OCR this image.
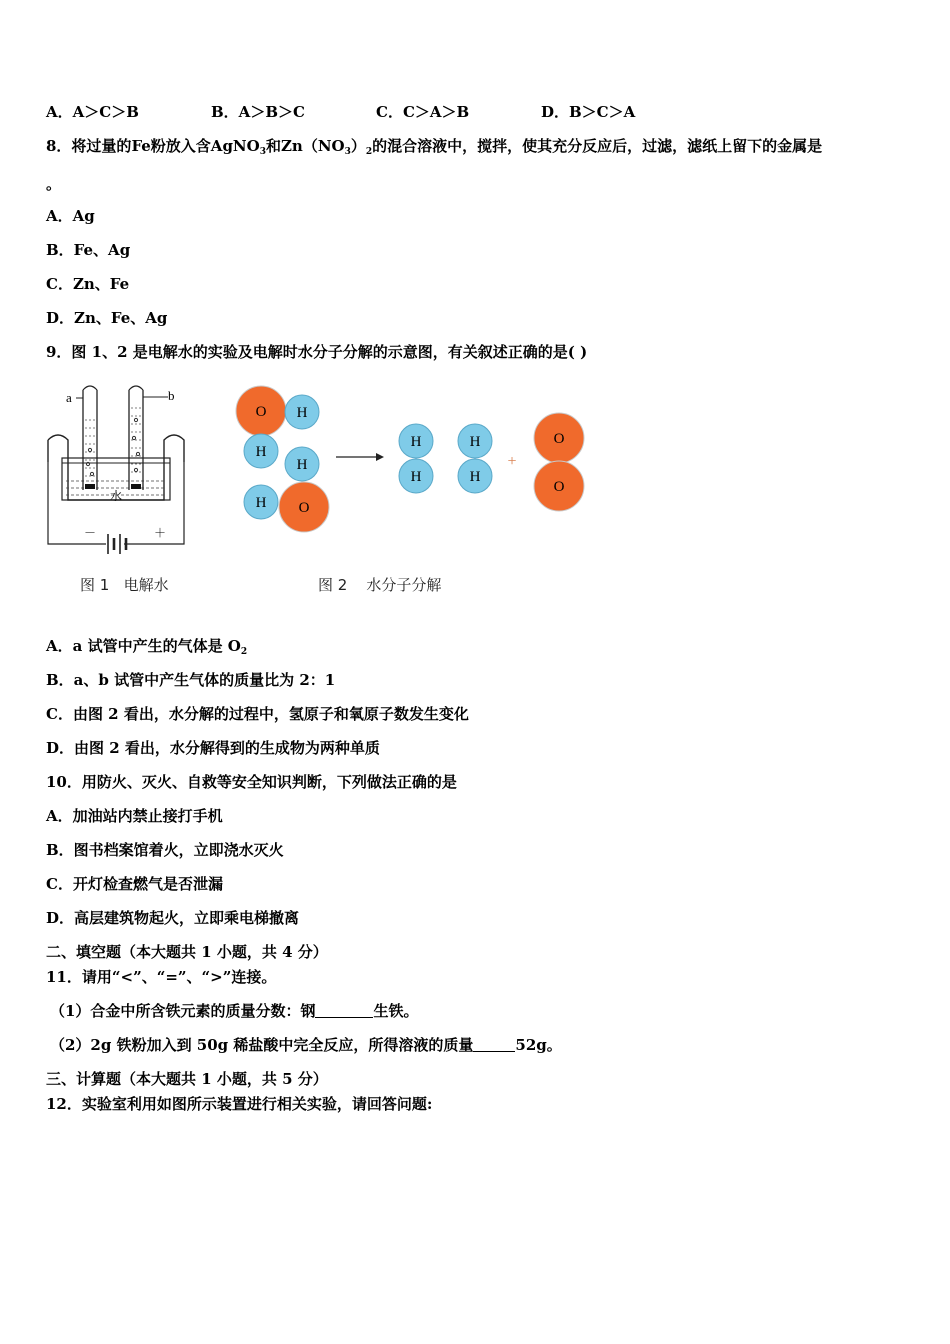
A．A＞C＞B	B．A＞B＞C	C．C＞A＞B	D．B＞C＞A
8．将过量的Fe粉放入含AgNO$_3$和$Zn(NO_3)_2$的混合溶液中，搅拌，使其充分反应后，过滤，滤纸上留下的金属是
。
A．Ag
B．Fe、Ag
C．Zn、Fe
D．Zn、Fe、Ag
9．图 1、2 是电解水的实验及电解时水分子分解的示意图，有关叙述正确的是( )
a	b
水
－	＋
O H
H
H
H O
H
H
H
H
+
O
O
图 1 电解水	图 2 水分子分解
A．a 试管中产生的气体是 $O_2$
B．a、b 试管中产生气体的质量比为 2：1
C．由图 2 看出，水分解的过程中，氢原子和氧原子数发生变化
D．由图 2 看出，水分解得到的生成物为两种单质
10．用防火、灭火、自救等安全知识判断，下列做法正确的是
A．加油站内禁止接打手机
B．图书档案馆着火，立即浇水灭火
C．开灯检查燃气是否泄漏
D．高层建筑物起火，立即乘电梯撤离
二、填空题（本大题共 1 小题，共 4 分）
11．请用“<”、“=”、“>”连接。
（1）合金中所含铁元素的质量分数：钢	生铁。
（2）2g 铁粉加入到 50g 稀盐酸中完全反应，所得溶液的质量	52g。
三、计算题（本大题共 1 小题，共 5 分）
12．实验室利用如图所示装置进行相关实验，请回答问题:
